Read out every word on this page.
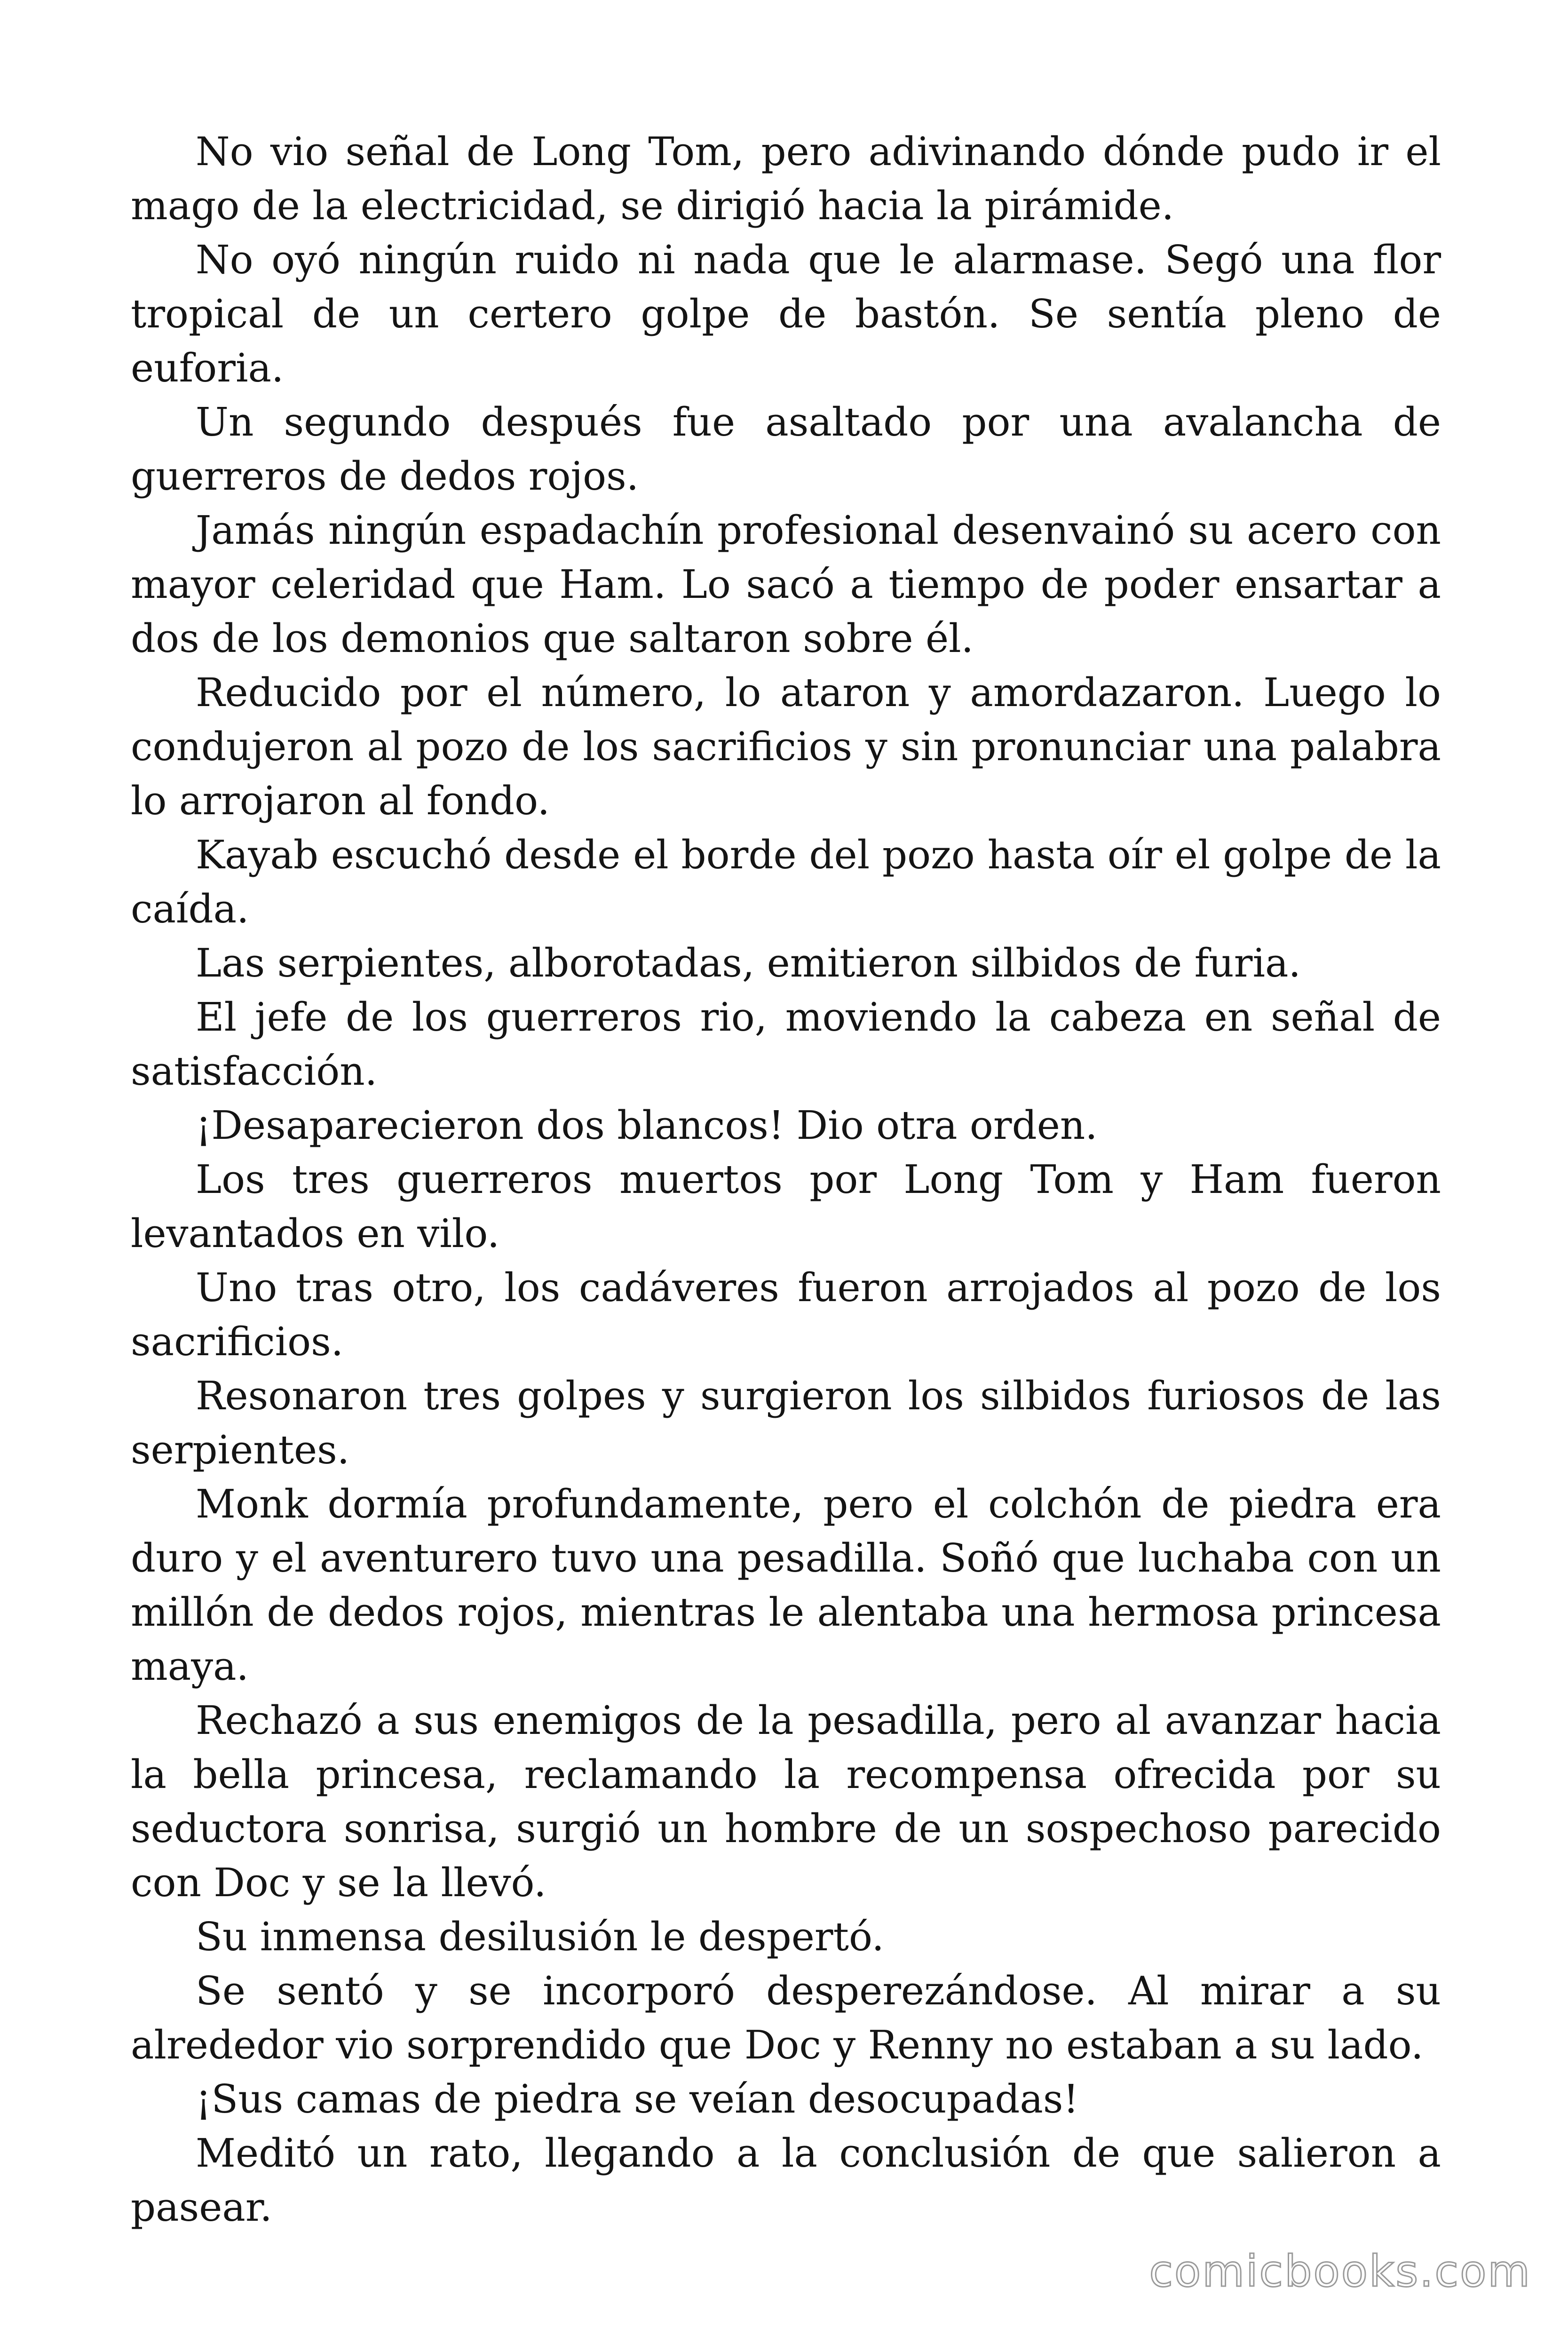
No vio señal de Long Tom, pero adivinando dónde pudo ir el mago de la electricidad, se dirigió hacia la pirámide.

No oyó ningún ruido ni nada que le alarmase. Segó una flor tropical de un certero golpe de bastón. Se sentía pleno de euforia.

Un segundo después fue asaltado por una avalancha de guerreros de dedos rojos.

Jamás ningún espadachín profesional desenvainó su acero con mayor celeridad que Ham. Lo sacó a tiempo de poder ensartar a dos de los demonios que saltaron sobre él.

Reducido por el número, lo ataron y amordazaron. Luego lo condujeron al pozo de los sacrificios y sin pronunciar una palabra lo arrojaron al fondo.

Kayab escuchó desde el borde del pozo hasta oír el golpe de la caída.

Las serpientes, alborotadas, emitieron silbidos de furia.

El jefe de los guerreros rio, moviendo la cabeza en señal de satisfacción.

¡Desaparecieron dos blancos! Dio otra orden.

Los tres guerreros muertos por Long Tom y Ham fueron levantados en vilo.

Uno tras otro, los cadáveres fueron arrojados al pozo de los sacrificios.

Resonaron tres golpes y surgieron los silbidos furiosos de las serpientes.

Monk dormía profundamente, pero el colchón de piedra era duro y el aventurero tuvo una pesadilla. Soñó que luchaba con un millón de dedos rojos, mientras le alentaba una hermosa princesa maya.

Rechazó a sus enemigos de la pesadilla, pero al avanzar hacia la bella princesa, reclamando la recompensa ofrecida por su seductora sonrisa, surgió un hombre de un sospechoso parecido con Doc y se la llevó.

Su inmensa desilusión le despertó.

Se sentó y se incorporó desperezándose. Al mirar a su alrededor vio sorprendido que Doc y Renny no estaban a su lado.

¡Sus camas de piedra se veían desocupadas!

Meditó un rato, llegando a la conclusión de que salieron a pasear.

comicbooks.com
